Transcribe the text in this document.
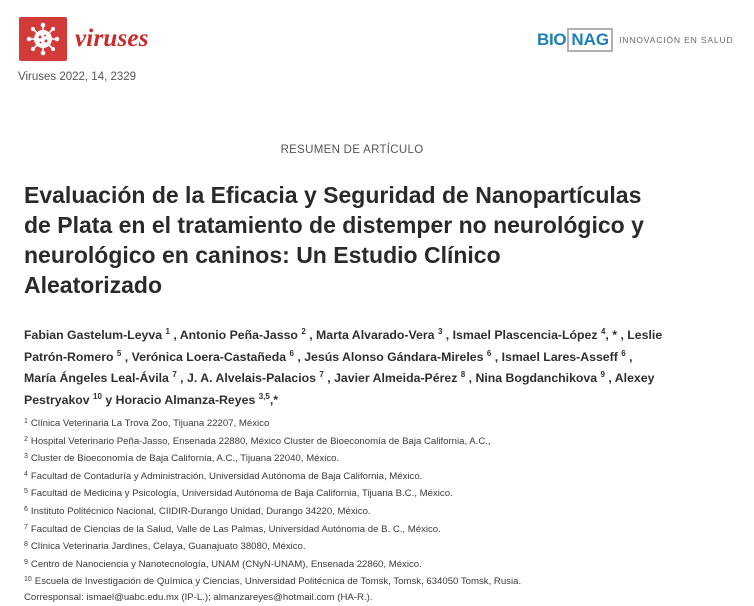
viruses
Viruses 2022, 14, 2329
BIO NAG	INNOVACIÓN EN SALUD
RESUMEN DE ARTÍCULO
Evaluación de la Eficacia y Seguridad de Nanopartículas de Plata en el tratamiento de distemper no neurológico y neurológico en caninos: Un Estudio Clínico Aleatorizado
Fabian Gastelum-Leyva $^1$ , Antonio Peña-Jasso $^2$ , Marta Alvarado-Vera $^3$ , Ismael Plascencia-López $^4$, * , Leslie Patrón-Romero $^5$ , Verónica Loera-Castañeda $^6$ , Jesús Alonso Gándara-Mireles $^6$ , Ismael Lares-Asseff $^6$ , María Ángeles Leal-Ávila $^7$ , J. A. Alvelais-Palacios $^7$ , Javier Almeida-Pérez $^8$ , Nina Bogdanchikova $^9$ , Alexey Pestryakov $^{10}$ y Horacio Almanza-Reyes $^{3,5}$,*
$^1$ Clínica Veterinaria La Trova Zoo, Tijuana 22207, México
$^2$ Hospital Veterinario Peña-Jasso, Ensenada 22880, México Cluster de Bioeconomía de Baja California, A.C.,
$^3$ Cluster de Bioeconomía de Baja California, A.C., Tijuana 22040, México.
$^4$ Facultad de Contaduría y Administración, Universidad Autónoma de Baja California, México.
$^5$ Facultad de Medicina y Psicología, Universidad Autónoma de Baja California, Tijuana B.C., México.
$^6$ Instituto Politécnico Nacional, CIIDIR-Durango Unidad, Durango 34220, México.
$^7$ Facultad de Ciencias de la Salud, Valle de Las Palmas, Universidad Autónoma de B. C., México.
$^8$ Clínica Veterinaria Jardines, Celaya, Guanajuato 38080, México.
$^9$ Centro de Nanociencia y Nanotecnología, UNAM (CNyN-UNAM), Ensenada 22860, México.
$^{10}$ Escuela de Investigación de Química y Ciencias, Universidad Politécnica de Tomsk, Tomsk, 634050 Tomsk, Rusia.
Corresponsal: ismael@uabc.edu.mx (IP-L.); almanzareyes@hotmail.com (HA-R.).
